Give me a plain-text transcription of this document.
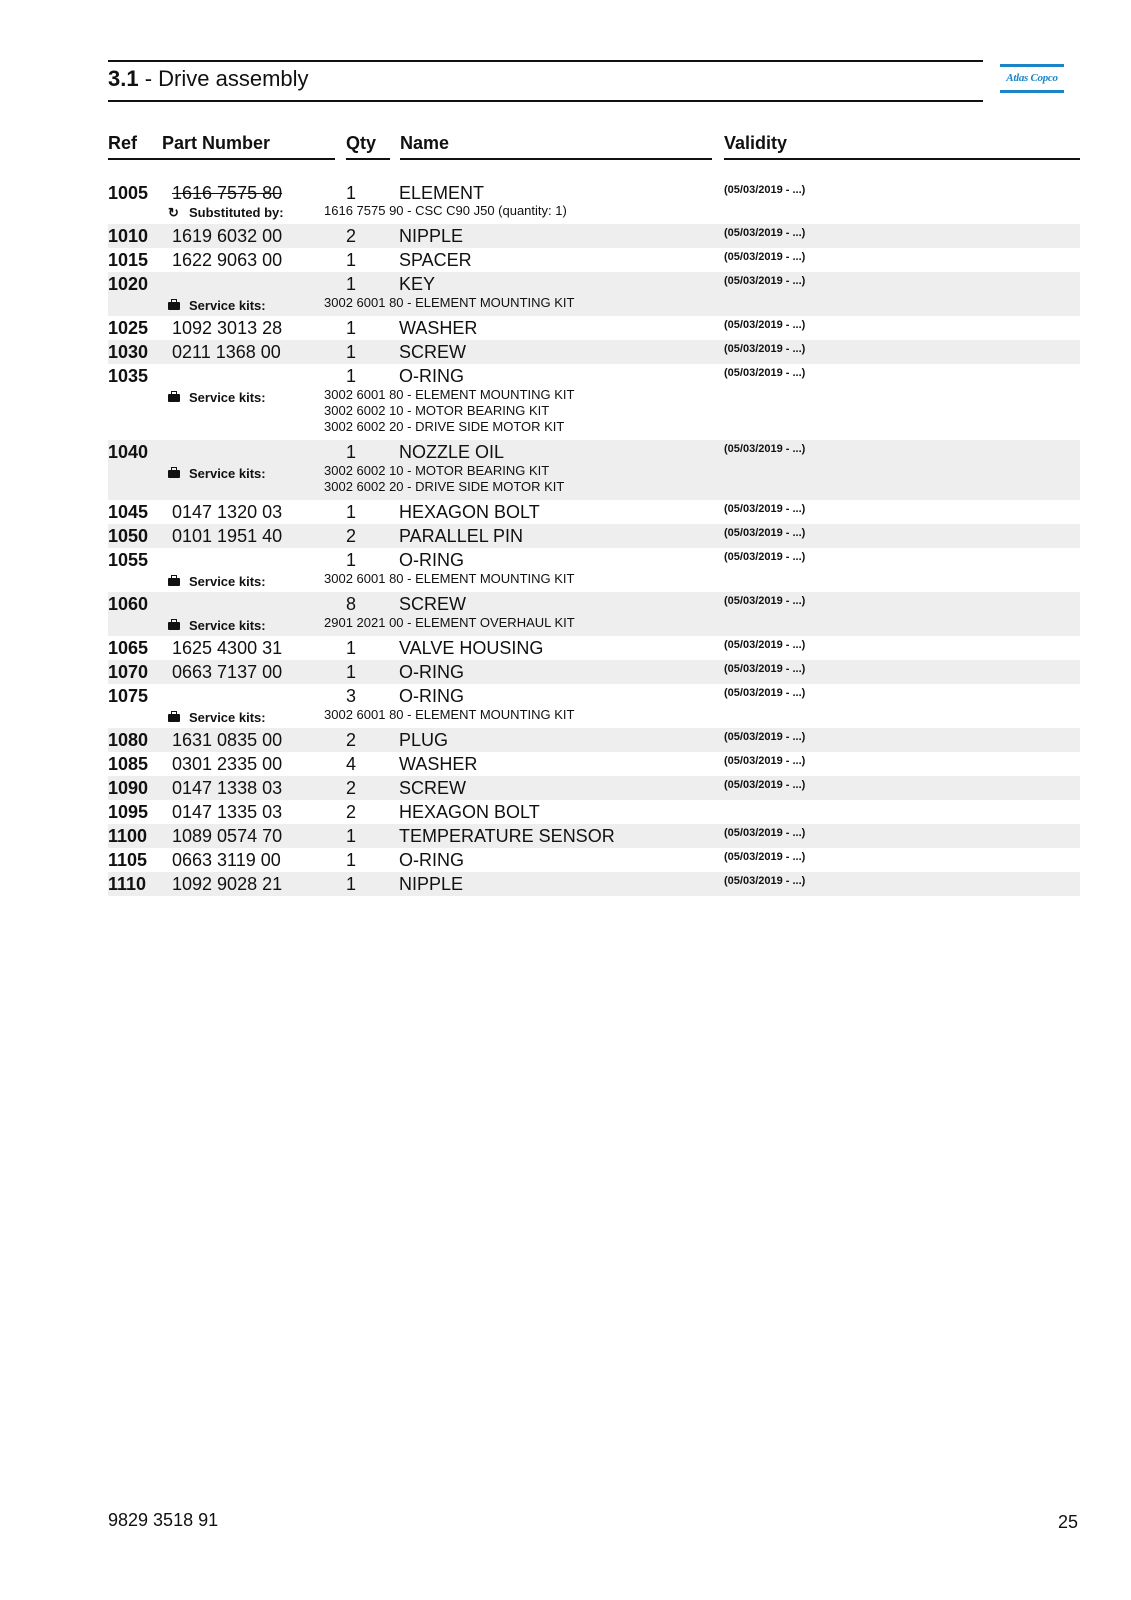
3.1 - Drive assembly	Atlas Copco
Ref Part Number	Qty Name	Validity
1005 1616 7575 80	1 ELEMENT	(05/03/2019 - ...)
↻ Substituted by:	1616 7575 90 - CSC C90 J50 (quantity: 1)
1010 1619 6032 00	2 NIPPLE	(05/03/2019 - ...)
1015 1622 9063 00	1 SPACER	(05/03/2019 - ...)
1020	1 KEY	(05/03/2019 - ...)
Service kits:	3002 6001 80 - ELEMENT MOUNTING KIT
1025 1092 3013 28	1 WASHER	(05/03/2019 - ...)
1030 0211 1368 00	1 SCREW	(05/03/2019 - ...)
1035	1 O-RING	(05/03/2019 - ...)
Service kits:	3002 6001 80 - ELEMENT MOUNTING KIT
3002 6002 10 - MOTOR BEARING KIT
3002 6002 20 - DRIVE SIDE MOTOR KIT
1040	1 NOZZLE OIL	(05/03/2019 - ...)
Service kits:	3002 6002 10 - MOTOR BEARING KIT
3002 6002 20 - DRIVE SIDE MOTOR KIT
1045 0147 1320 03	1 HEXAGON BOLT	(05/03/2019 - ...)
1050 0101 1951 40	2 PARALLEL PIN	(05/03/2019 - ...)
1055	1 O-RING	(05/03/2019 - ...)
Service kits:	3002 6001 80 - ELEMENT MOUNTING KIT
1060	8 SCREW	(05/03/2019 - ...)
Service kits:	2901 2021 00 - ELEMENT OVERHAUL KIT
1065 1625 4300 31	1 VALVE HOUSING	(05/03/2019 - ...)
1070 0663 7137 00	1 O-RING	(05/03/2019 - ...)
1075	3 O-RING	(05/03/2019 - ...)
Service kits:	3002 6001 80 - ELEMENT MOUNTING KIT
1080 1631 0835 00	2 PLUG	(05/03/2019 - ...)
1085 0301 2335 00	4 WASHER	(05/03/2019 - ...)
1090 0147 1338 03	2 SCREW	(05/03/2019 - ...)
1095 0147 1335 03	2 HEXAGON BOLT
1100 1089 0574 70	1 TEMPERATURE SENSOR	(05/03/2019 - ...)
1105 0663 3119 00	1 O-RING	(05/03/2019 - ...)
1110 1092 9028 21	1 NIPPLE	(05/03/2019 - ...)
9829 3518 91	25
